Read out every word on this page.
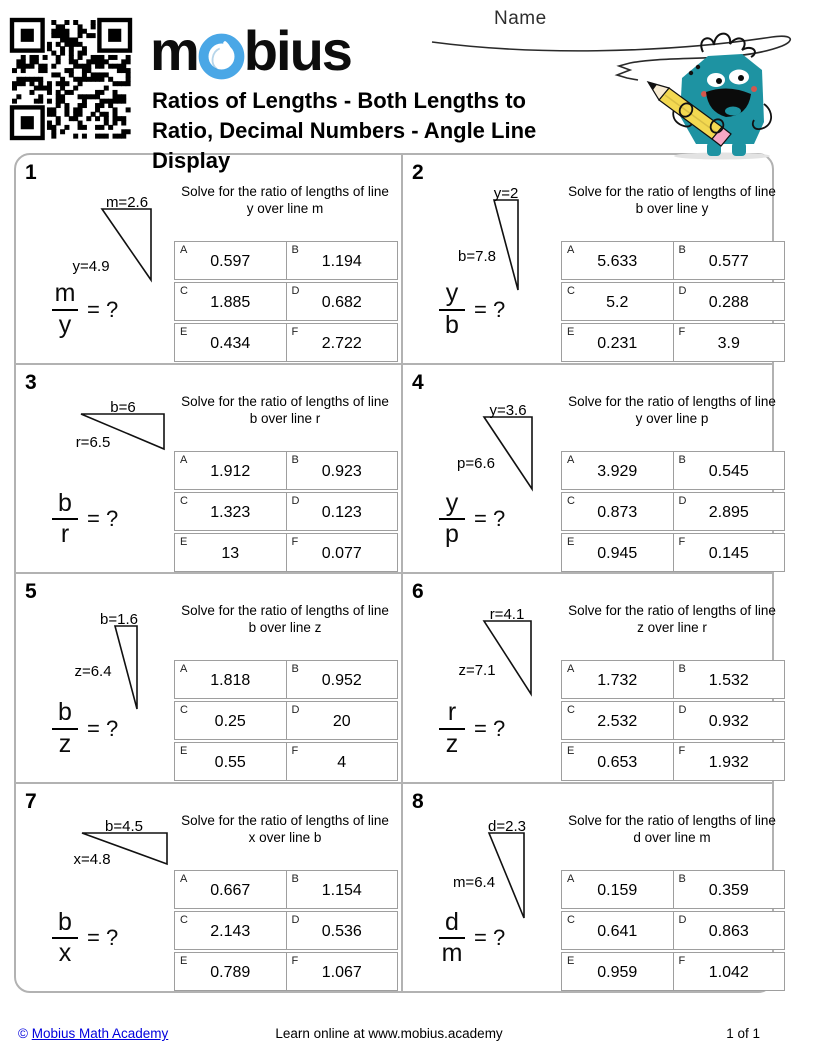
m bius
Ratios of Lengths - Both Lengths to
Ratio, Decimal Numbers - Angle Line
Display
Name
1
m=2.6
y=4.9
$\frac{m}{y}$ = ?
Solve for the ratio of lengths of line
y over line m
A
0.597
B
1.194
C
1.885
D
0.682
E
0.434
F
2.722
2
y=2
b=7.8
$\frac{y}{b}$ = ?
Solve for the ratio of lengths of line
b over line y
A
5.633
B
0.577
C
5.2
D
0.288
E
0.231
F
3.9
3
b=6
r=6.5
$\frac{b}{r}$ = ?
Solve for the ratio of lengths of line
b over line r
A
1.912
B
0.923
C
1.323
D
0.123
E
13
F
0.077
4
y=3.6
p=6.6
$\frac{y}{p}$ = ?
Solve for the ratio of lengths of line
y over line p
A
3.929
B
0.545
C
0.873
D
2.895
E
0.945
F
0.145
5
b=1.6
z=6.4
$\frac{b}{z}$ = ?
Solve for the ratio of lengths of line
b over line z
A
1.818
B
0.952
C
0.25
D
20
E
0.55
F
4
6
r=4.1
z=7.1
$\frac{r}{z}$ = ?
Solve for the ratio of lengths of line
z over line r
A
1.732
B
1.532
C
2.532
D
0.932
E
0.653
F
1.932
7
b=4.5
x=4.8
$\frac{b}{x}$ = ?
Solve for the ratio of lengths of line
x over line b
A
0.667
B
1.154
C
2.143
D
0.536
E
0.789
F
1.067
8
d=2.3
m=6.4
$\frac{d}{m}$ = ?
Solve for the ratio of lengths of line
d over line m
A
0.159
B
0.359
C
0.641
D
0.863
E
0.959
F
1.042
© Mobius Math Academy	Learn online at www.mobius.academy	1 of 1
